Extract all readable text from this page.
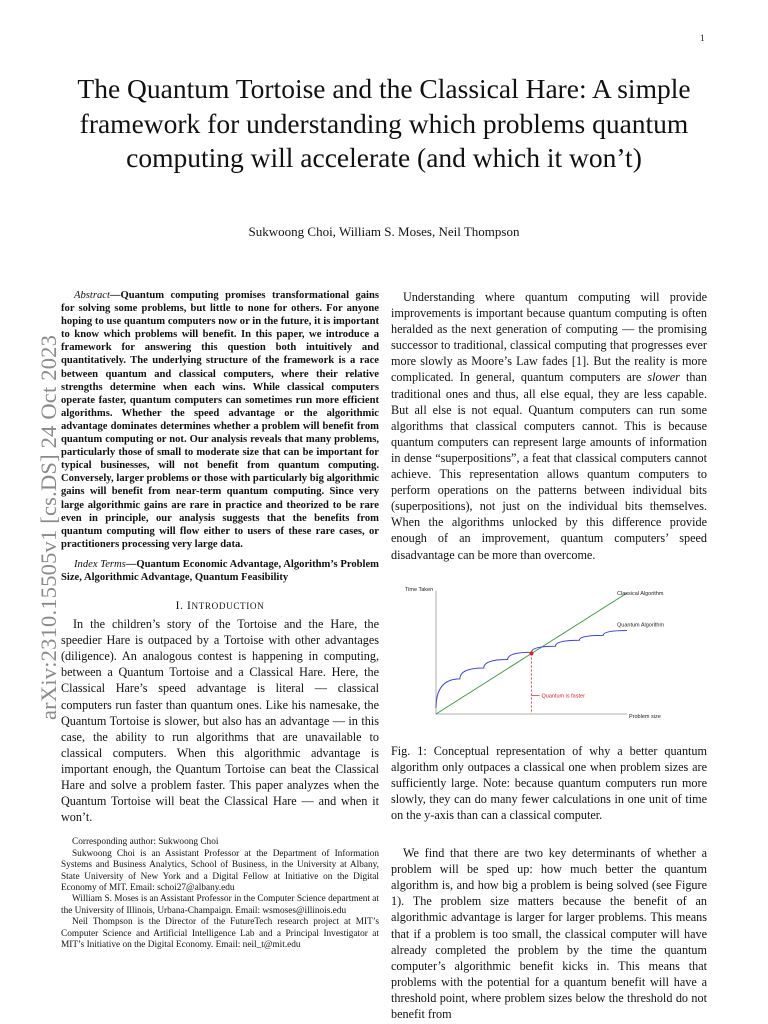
1
arXiv:2310.15505v1 [cs.DS] 24 Oct 2023
The Quantum Tortoise and the Classical Hare: A simple framework for understanding which problems quantum computing will accelerate (and which it won’t)
Sukwoong Choi, William S. Moses, Neil Thompson

Abstract—Quantum computing promises transformational gains for solving some problems, but little to none for others. For anyone hoping to use quantum computers now or in the future, it is important to know which problems will benefit. In this paper, we introduce a framework for answering this question both intuitively and quantitatively. The underlying structure of the framework is a race between quantum and classical computers, where their relative strengths determine when each wins. While classical computers operate faster, quantum computers can sometimes run more efficient algorithms. Whether the speed advantage or the algorithmic advantage dominates determines whether a problem will benefit from quantum computing or not. Our analysis reveals that many problems, particularly those of small to moderate size that can be important for typical businesses, will not benefit from quantum computing. Conversely, larger problems or those with particularly big algorithmic gains will benefit from near-term quantum computing. Since very large algorithmic gains are rare in practice and theorized to be rare even in principle, our analysis suggests that the benefits from quantum computing will flow either to users of these rare cases, or practitioners processing very large data.

Index Terms—Quantum Economic Advantage, Algorithm’s Problem Size, Algorithmic Advantage, Quantum Feasibility
I. INTRODUCTION

In the children’s story of the Tortoise and the Hare, the speedier Hare is outpaced by a Tortoise with other advantages (diligence). An analogous contest is happening in computing, between a Quantum Tortoise and a Classical Hare. Here, the Classical Hare’s speed advantage is literal — classical computers run faster than quantum ones. Like his namesake, the Quantum Tortoise is slower, but also has an advantage — in this case, the ability to run algorithms that are unavailable to classical computers. When this algorithmic advantage is important enough, the Quantum Tortoise can beat the Classical Hare and solve a problem faster. This paper analyzes when the Quantum Tortoise will beat the Classical Hare — and when it won’t.

Corresponding author: Sukwoong Choi

Sukwoong Choi is an Assistant Professor at the Department of Information Systems and Business Analytics, School of Business, in the University at Albany, State University of New York and a Digital Fellow at Initiative on the Digital Economy of MIT. Email: schoi27@albany.edu

William S. Moses is an Assistant Professor in the Computer Science department at the University of Illinois, Urbana-Champaign. Email: wsmoses@illinois.edu

Neil Thompson is the Director of the FutureTech research project at MIT’s Computer Science and Artificial Intelligence Lab and a Principal Investigator at MIT’s Initiative on the Digital Economy. Email: neil_t@mit.edu

Understanding where quantum computing will provide improvements is important because quantum computing is often heralded as the next generation of computing — the promising successor to traditional, classical computing that progresses ever more slowly as Moore’s Law fades [1]. But the reality is more complicated. In general, quantum computers are slower than traditional ones and thus, all else equal, they are less capable. But all else is not equal. Quantum computers can run some algorithms that classical computers cannot. This is because quantum computers can represent large amounts of information in dense “superpositions”, a feat that classical computers cannot achieve. This representation allows quantum computers to perform operations on the patterns between individual bits (superpositions), not just on the individual bits themselves. When the algorithms unlocked by this difference provide enough of an improvement, quantum computers’ speed disadvantage can be more than overcome.

Time Taken
Problem size
Classical Algorithm
Quantum Algorithm
Quantum is faster
Fig. 1: Conceptual representation of why a better quantum algorithm only outpaces a classical one when problem sizes are sufficiently large. Note: because quantum computers run more slowly, they can do many fewer calculations in one unit of time on the y-axis than can a classical computer.

We find that there are two key determinants of whether a problem will be sped up: how much better the quantum algorithm is, and how big a problem is being solved (see Figure 1). The problem size matters because the benefit of an algorithmic advantage is larger for larger problems. This means that if a problem is too small, the classical computer will have already completed the problem by the time the quantum computer’s algorithmic benefit kicks in. This means that problems with the potential for a quantum benefit will have a threshold point, where problem sizes below the threshold do not benefit from
